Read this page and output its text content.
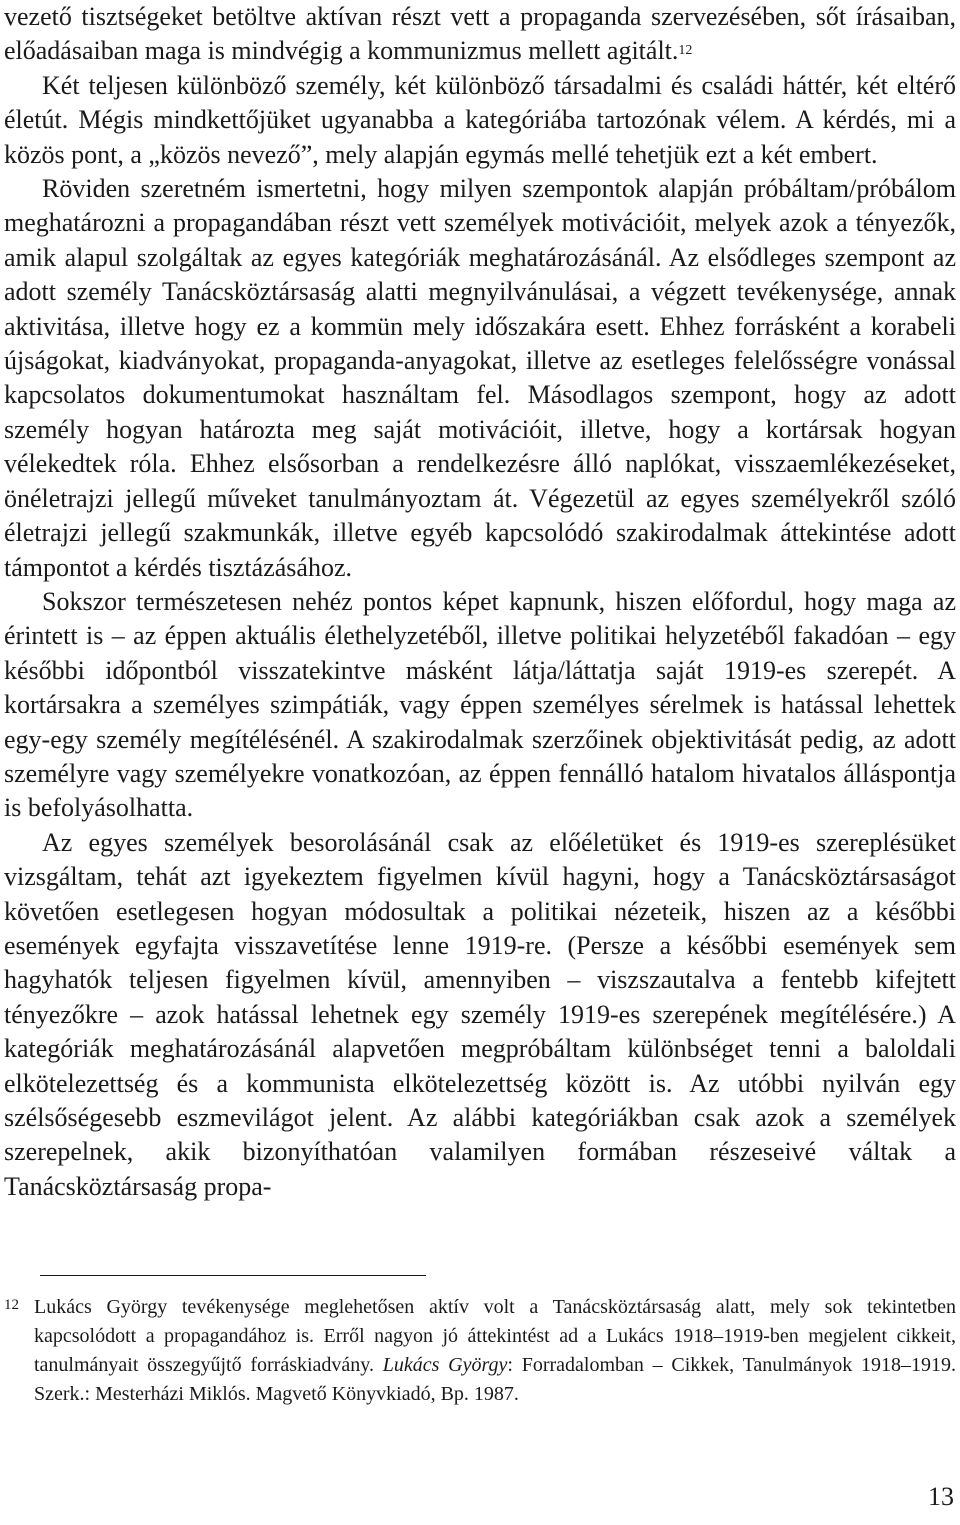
vezető tisztségeket betöltve aktívan részt vett a propaganda szervezésében, sőt írásaiban, előadásaiban maga is mindvégig a kommunizmus mellett agitált.$^{12}$
Két teljesen különböző személy, két különböző társadalmi és családi háttér, két eltérő életút. Mégis mindkettőjüket ugyanabba a kategóriába tartozónak vélem. A kérdés, mi a közös pont, a „közös nevező”, mely alapján egymás mellé tehetjük ezt a két embert.

Röviden szeretném ismertetni, hogy milyen szempontok alapján próbáltam/próbálom meghatározni a propagandában részt vett személyek motivációit, melyek azok a tényezők, amik alapul szolgáltak az egyes kategóriák meghatározásánál. Az elsődleges szempont az adott személy Tanácsköztársaság alatti megnyilvánulásai, a végzett tevékenysége, annak aktivitása, illetve hogy ez a kommün mely időszakára esett. Ehhez forrásként a korabeli újságokat, kiadványokat, propaganda-anyagokat, illetve az esetleges felelősségre vonással kapcsolatos dokumentumokat használtam fel. Másodlagos szempont, hogy az adott személy hogyan határozta meg saját motivációit, illetve, hogy a kortársak hogyan vélekedtek róla. Ehhez elsősorban a rendelkezésre álló naplókat, visszaemlékezéseket, önéletrajzi jellegű műveket tanulmányoztam át. Végezetül az egyes személyekről szóló életrajzi jellegű szakmunkák, illetve egyéb kapcsolódó szakirodalmak áttekintése adott támpontot a kérdés tisztázásához.

Sokszor természetesen nehéz pontos képet kapnunk, hiszen előfordul, hogy maga az érintett is – az éppen aktuális élethelyzetéből, illetve politikai helyzetéből fakadóan – egy későbbi időpontból visszatekintve másként látja/láttatja saját 1919-es szerepét. A kortársakra a személyes szimpátiák, vagy éppen személyes sérelmek is hatással lehettek egy-egy személy megítélésénél. A szakirodalmak szerzőinek objektivitását pedig, az adott személyre vagy személyekre vonatkozóan, az éppen fennálló hatalom hivatalos álláspontja is befolyásolhatta.

Az egyes személyek besorolásánál csak az előéletüket és 1919-es szereplésüket vizsgáltam, tehát azt igyekeztem figyelmen kívül hagyni, hogy a Tanácsköztársaságot követően esetlegesen hogyan módosultak a politikai nézeteik, hiszen az a későbbi események egyfajta visszavetítése lenne 1919-re. (Persze a későbbi események sem hagyhatók teljesen figyelmen kívül, amennyiben – viszszautalva a fentebb kifejtett tényezőkre – azok hatással lehetnek egy személy 1919-es szerepének megítélésére.) A kategóriák meghatározásánál alapvetően megpróbáltam különbséget tenni a baloldali elkötelezettség és a kommunista elkötelezettség között is. Az utóbbi nyilván egy szélsőségesebb eszmevilágot jelent. Az alábbi kategóriákban csak azok a személyek szerepelnek, akik bizonyíthatóan valamilyen formában részeseivé váltak a Tanácsköztársaság propa-

12 Lukács György tevékenysége meglehetősen aktív volt a Tanácsköztársaság alatt, mely sok tekintetben kapcsolódott a propagandához is. Erről nagyon jó áttekintést ad a Lukács 1918–1919-ben megjelent cikkeit, tanulmányait összegyűjtő forráskiadvány. Lukács György: Forradalomban – Cikkek, Tanulmányok 1918–1919. Szerk.: Mesterházi Miklós. Magvető Könyvkiadó, Bp. 1987.
13
